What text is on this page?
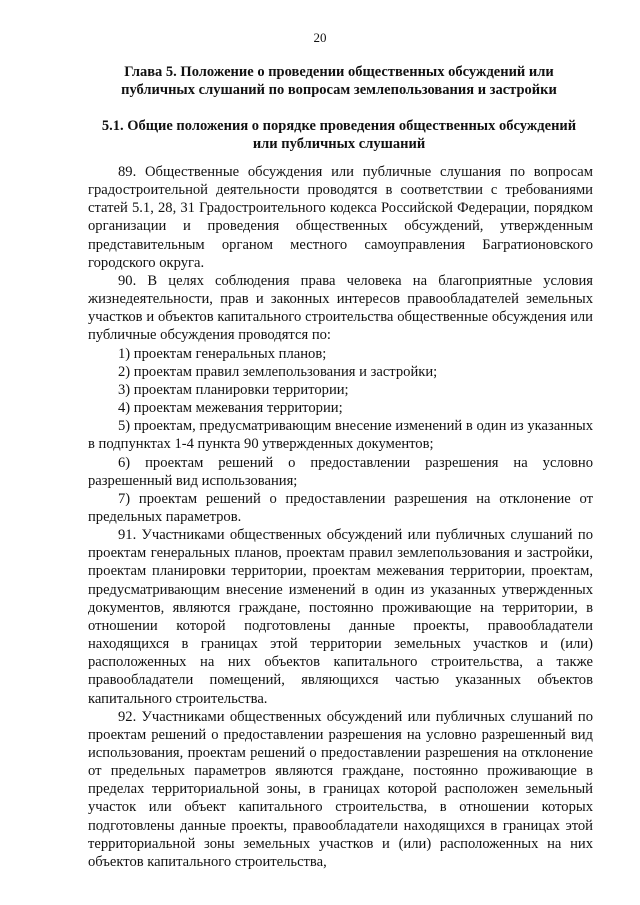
20
Глава 5. Положение о проведении общественных обсуждений или публичных слушаний по вопросам землепользования и застройки
5.1. Общие положения о порядке проведения общественных обсуждений или публичных слушаний

89. Общественные обсуждения или публичные слушания по вопросам градостроительной деятельности проводятся в соответствии с требованиями статей 5.1, 28, 31 Градостроительного кодекса Российской Федерации, порядком организации и проведения общественных обсуждений, утвержденным представительным органом местного самоуправления Багратионовского городского округа.

90. В целях соблюдения права человека на благоприятные условия жизнедеятельности, прав и законных интересов правообладателей земельных участков и объектов капитального строительства общественные обсуждения или публичные обсуждения проводятся по:

1) проектам генеральных планов;

2) проектам правил землепользования и застройки;

3) проектам планировки территории;

4) проектам межевания территории;

5) проектам, предусматривающим внесение изменений в один из указанных в подпунктах 1-4 пункта 90 утвержденных документов;

6) проектам решений о предоставлении разрешения на условно разрешенный вид использования;

7) проектам решений о предоставлении разрешения на отклонение от предельных параметров.

91. Участниками общественных обсуждений или публичных слушаний по проектам генеральных планов, проектам правил землепользования и застройки, проектам планировки территории, проектам межевания территории, проектам, предусматривающим внесение изменений в один из указанных утвержденных документов, являются граждане, постоянно проживающие на территории, в отношении которой подготовлены данные проекты, правообладатели находящихся в границах этой территории земельных участков и (или) расположенных на них объектов капитального строительства, а также правообладатели помещений, являющихся частью указанных объектов капитального строительства.

92. Участниками общественных обсуждений или публичных слушаний по проектам решений о предоставлении разрешения на условно разрешенный вид использования, проектам решений о предоставлении разрешения на отклонение от предельных параметров являются граждане, постоянно проживающие в пределах территориальной зоны, в границах которой расположен земельный участок или объект капитального строительства, в отношении которых подготовлены данные проекты, правообладатели находящихся в границах этой территориальной зоны земельных участков и (или) расположенных на них объектов капитального строительства,
